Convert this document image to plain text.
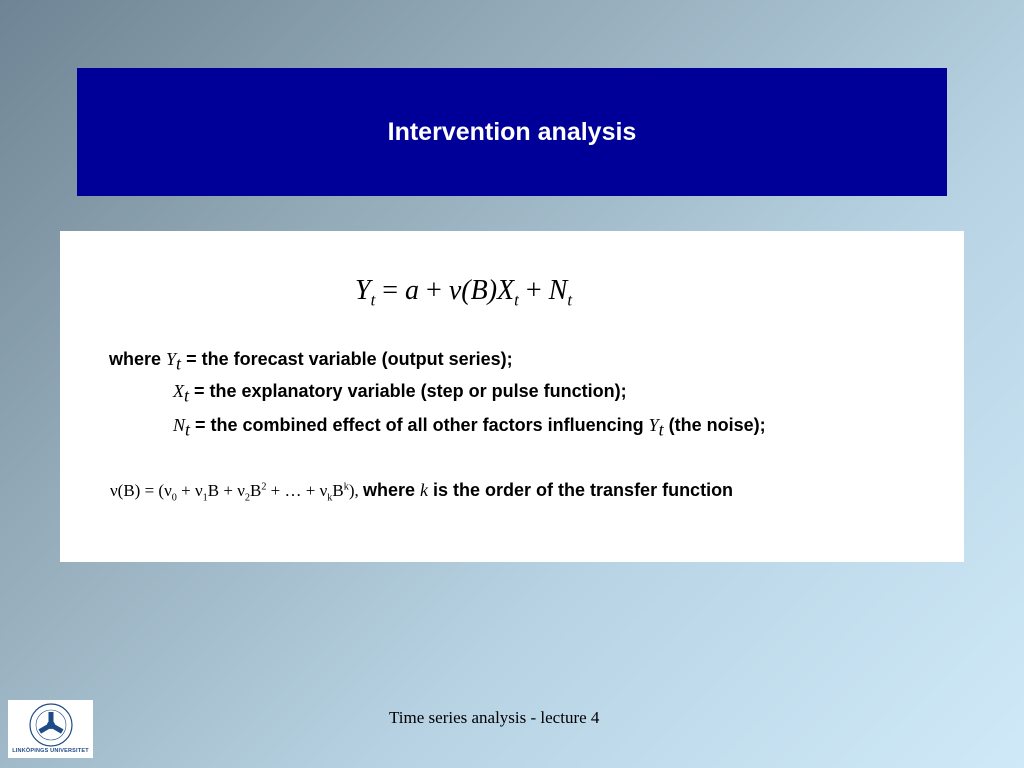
Intervention analysis
$Y_t = a + \nu(B)X_t + N_t$
where $Y_t$ = the forecast variable (output series);
$X_t$ = the explanatory variable (step or pulse function);
$N_t$ = the combined effect of all other factors influencing $Y_t$ (the noise);
$\nu(B) = (\nu_0 + \nu_1B + \nu_2B^2$ + … + $\nu_kB^k$), where k is the order of the transfer function
LINKÖPINGS UNIVERSITET
Time series analysis - lecture 4
